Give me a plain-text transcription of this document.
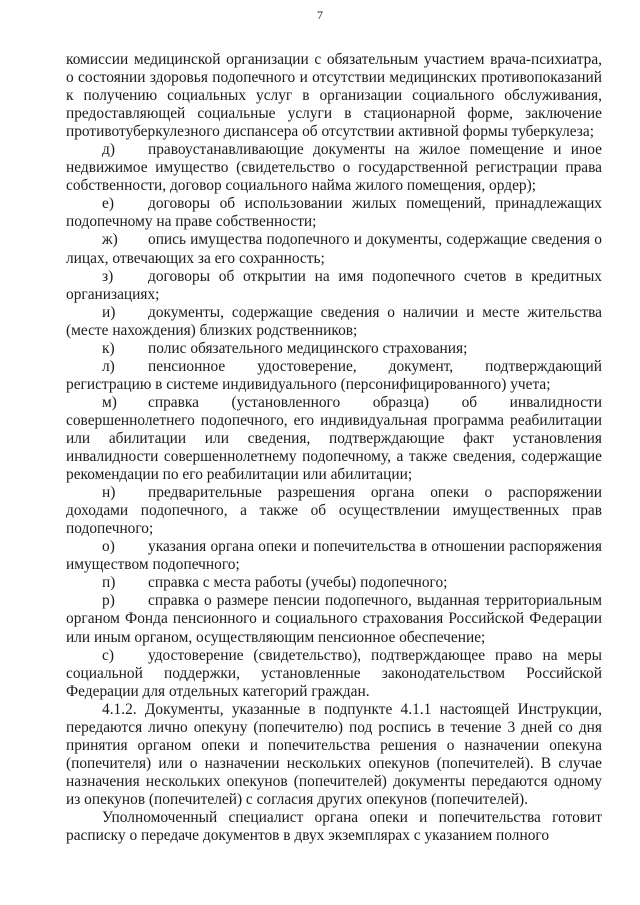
7

комиссии медицинской организации с обязательным участием врача-психиатра, о состоянии здоровья подопечного и отсутствии медицинских противопоказаний к получению социальных услуг в организации социального обслуживания, предоставляющей социальные услуги в стационарной форме, заключение противотуберкулезного диспансера об отсутствии активной формы туберкулеза;

д) правоустанавливающие документы на жилое помещение и иное недвижимое имущество (свидетельство о государственной регистрации права собственности, договор социального найма жилого помещения, ордер);

е) договоры об использовании жилых помещений, принадлежащих подопечному на праве собственности;

ж) опись имущества подопечного и документы, содержащие сведения о лицах, отвечающих за его сохранность;

з) договоры об открытии на имя подопечного счетов в кредитных организациях;

и) документы, содержащие сведения о наличии и месте жительства (месте нахождения) близких родственников;

к) полис обязательного медицинского страхования;

л) пенсионное удостоверение, документ, подтверждающий регистрацию в системе индивидуального (персонифицированного) учета;

м) справка (установленного образца) об инвалидности совершеннолетнего подопечного, его индивидуальная программа реабилитации или абилитации или сведения, подтверждающие факт установления инвалидности совершеннолетнему подопечному, а также сведения, содержащие рекомендации по его реабилитации или абилитации;

н) предварительные разрешения органа опеки о распоряжении доходами подопечного, а также об осуществлении имущественных прав подопечного;

о) указания органа опеки и попечительства в отношении распоряжения имуществом подопечного;

п) справка с места работы (учебы) подопечного;

р) справка о размере пенсии подопечного, выданная территориальным органом Фонда пенсионного и социального страхования Российской Федерации или иным органом, осуществляющим пенсионное обеспечение;

с) удостоверение (свидетельство), подтверждающее право на меры социальной поддержки, установленные законодательством Российской Федерации для отдельных категорий граждан.

4.1.2. Документы, указанные в подпункте 4.1.1 настоящей Инструкции, передаются лично опекуну (попечителю) под роспись в течение 3 дней со дня принятия органом опеки и попечительства решения о назначении опекуна (попечителя) или о назначении нескольких опекунов (попечителей). В случае назначения нескольких опекунов (попечителей) документы передаются одному из опекунов (попечителей) с согласия других опекунов (попечителей).

Уполномоченный специалист органа опеки и попечительства готовит расписку о передаче документов в двух экземплярах с указанием полного
